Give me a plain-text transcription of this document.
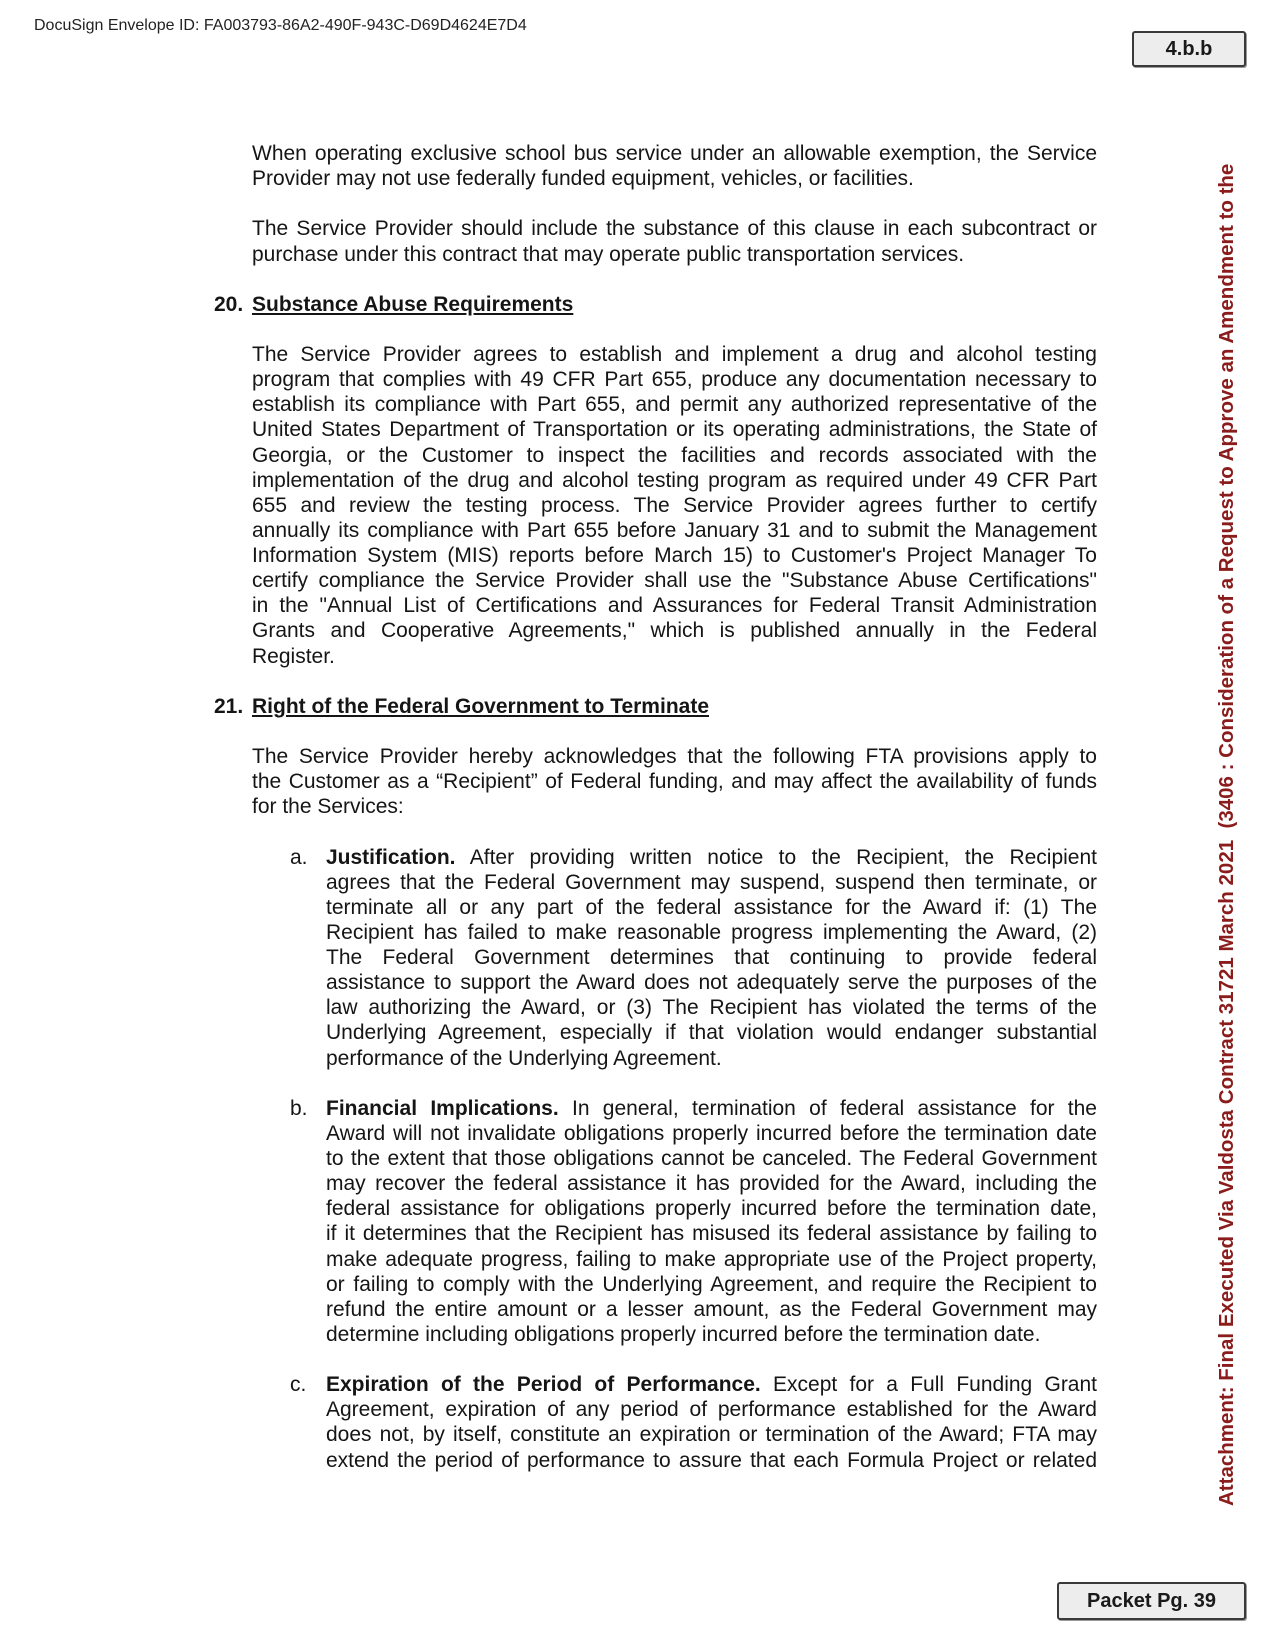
DocuSign Envelope ID: FA003793-86A2-490F-943C-D69D4624E7D4
4.b.b
Attachment: Final Executed Via Valdosta Contract 31721 March 2021  (3406 : Consideration of a Request to Approve an Amendment to the
When operating exclusive school bus service under an allowable exemption, the Service
Provider may not use federally funded equipment, vehicles, or facilities.
The Service Provider should include the substance of this clause in each subcontract or
purchase under this contract that may operate public transportation services.
20. Substance Abuse Requirements
The Service Provider agrees to establish and implement a drug and alcohol testing
program that complies with 49 CFR Part 655, produce any documentation necessary to
establish its compliance with Part 655, and permit any authorized representative of the
United States Department of Transportation or its operating administrations, the State of
Georgia, or the Customer to inspect the facilities and records associated with the
implementation of the drug and alcohol testing program as required under 49 CFR Part
655 and review the testing process. The Service Provider agrees further to certify
annually its compliance with Part 655 before January 31 and to submit the Management
Information System (MIS) reports before March 15) to Customer's Project Manager To
certify compliance the Service Provider shall use the "Substance Abuse Certifications"
in the "Annual List of Certifications and Assurances for Federal Transit Administration
Grants and Cooperative Agreements," which is published annually in the Federal
Register.
21. Right of the Federal Government to Terminate
The Service Provider hereby acknowledges that the following FTA provisions apply to
the Customer as a “Recipient” of Federal funding, and may affect the availability of funds
for the Services:
a. Justification. After providing written notice to the Recipient, the Recipient
agrees that the Federal Government may suspend, suspend then terminate, or
terminate all or any part of the federal assistance for the Award if: (1) The
Recipient has failed to make reasonable progress implementing the Award, (2)
The Federal Government determines that continuing to provide federal
assistance to support the Award does not adequately serve the purposes of the
law authorizing the Award, or (3) The Recipient has violated the terms of the
Underlying Agreement, especially if that violation would endanger substantial
performance of the Underlying Agreement.
b. Financial Implications. In general, termination of federal assistance for the
Award will not invalidate obligations properly incurred before the termination date
to the extent that those obligations cannot be canceled. The Federal Government
may recover the federal assistance it has provided for the Award, including the
federal assistance for obligations properly incurred before the termination date,
if it determines that the Recipient has misused its federal assistance by failing to
make adequate progress, failing to make appropriate use of the Project property,
or failing to comply with the Underlying Agreement, and require the Recipient to
refund the entire amount or a lesser amount, as the Federal Government may
determine including obligations properly incurred before the termination date.
c. Expiration of the Period of Performance. Except for a Full Funding Grant
Agreement, expiration of any period of performance established for the Award
does not, by itself, constitute an expiration or termination of the Award; FTA may
extend the period of performance to assure that each Formula Project or related
Packet Pg. 39
